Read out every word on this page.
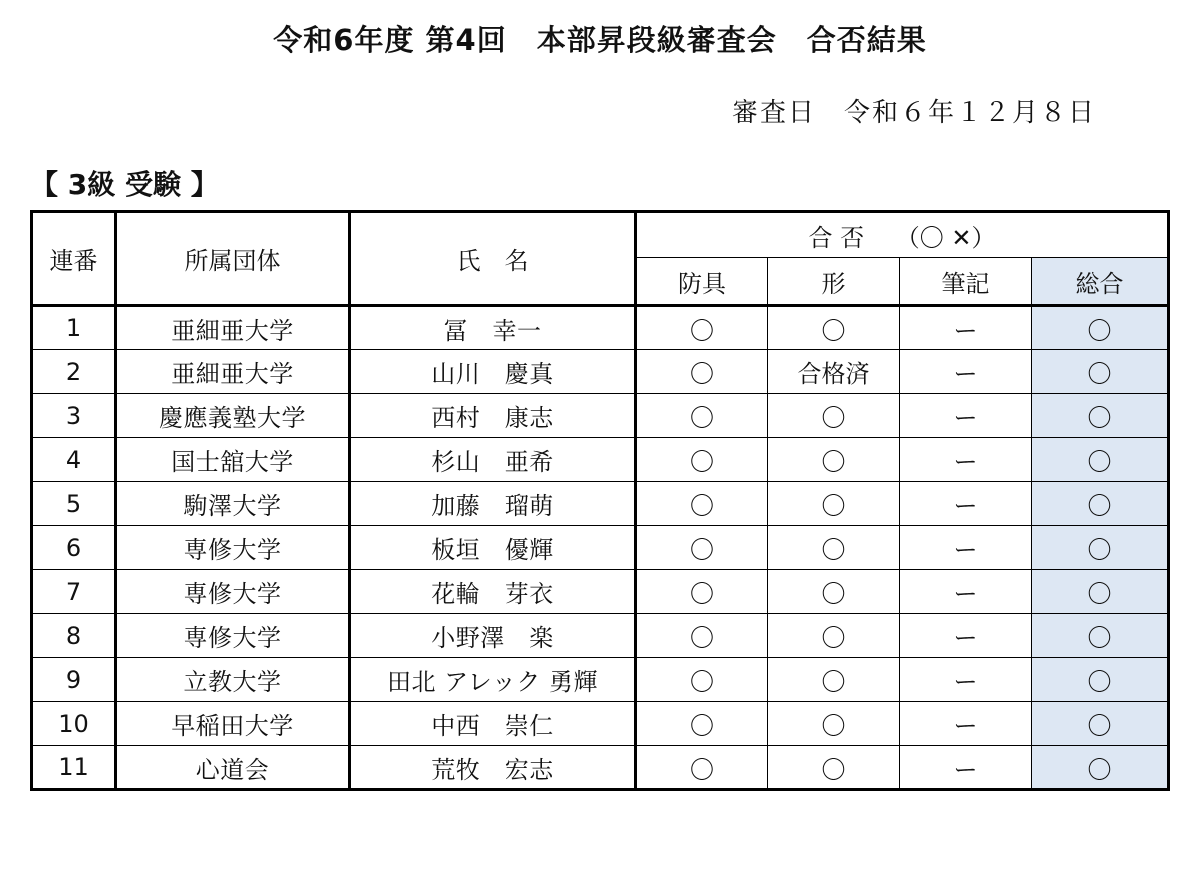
令和6年度 第4回　本部昇段級審査会　合否結果
審査日　令和６年１２月８日
【 3級 受験 】
連番	所属団体	氏　名	合 否　 （〇 ✕）			
			防具	形	筆記	総合
1	亜細亜大学	冨　幸一	〇	〇	ー	〇
2	亜細亜大学	山川　慶真	〇	合格済	ー	〇
3	慶應義塾大学	西村　康志	〇	〇	ー	〇
4	国士舘大学	杉山　亜希	〇	〇	ー	〇
5	駒澤大学	加藤　瑠萌	〇	〇	ー	〇
6	専修大学	板垣　優輝	〇	〇	ー	〇
7	専修大学	花輪　芽衣	〇	〇	ー	〇
8	専修大学	小野澤　楽	〇	〇	ー	〇
9	立教大学	田北 アレック 勇輝	〇	〇	ー	〇
10	早稲田大学	中西　崇仁	〇	〇	ー	〇
11	心道会	荒牧　宏志	〇	〇	ー	〇
